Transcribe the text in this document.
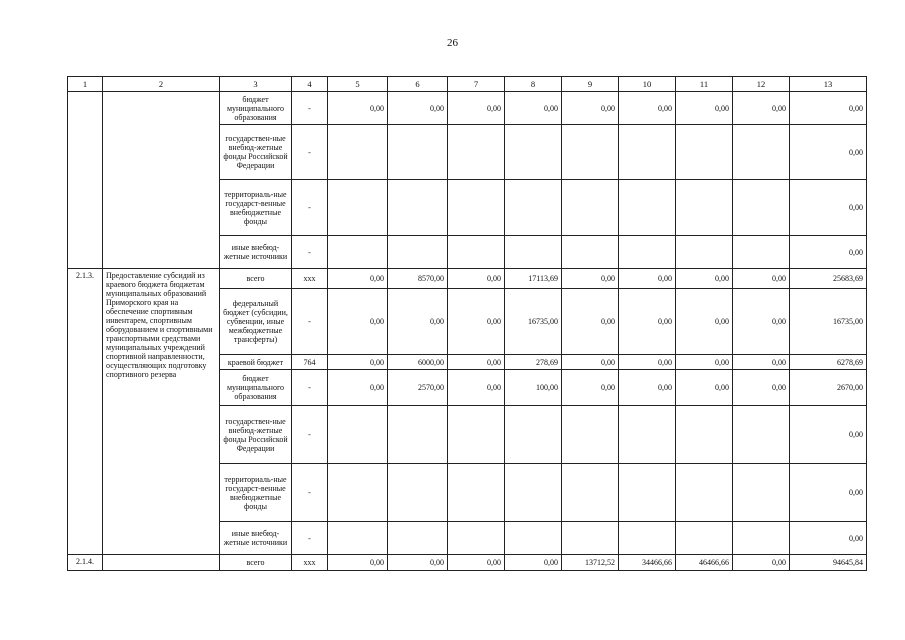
26
1	2	3	4	5	6	7	8	9	10	11	12	13
		бюджет муниципального образования	-	0,00	0,00	0,00	0,00	0,00	0,00	0,00	0,00	0,00
		государствен-ные внебюд-жетные фонды Российской Федерации	-									0,00
		территориаль-ные государст-венные внебюджетные фонды	-									0,00
		иные внебюд-жетные источники	-									0,00
2.1.3.	Предоставление субсидий из краевого бюджета бюджетам муниципальных образований Приморского края на обеспечение спортивным инвентарем, спортивным оборудованием и спортивными транспортными средствами муниципальных учреждений спортивной направленности, осуществляющих подготовку спортивного резерва	всего	xxx	0,00	8570,00	0,00	17113,69	0,00	0,00	0,00	0,00	25683,69
		федеральный бюджет (субсидии, субвенции, иные межбюджетные трансферты)	-	0,00	0,00	0,00	16735,00	0,00	0,00	0,00	0,00	16735,00
		краевой бюджет	764	0,00	6000,00	0,00	278,69	0,00	0,00	0,00	0,00	6278,69
		бюджет муниципального образования	-	0,00	2570,00	0,00	100,00	0,00	0,00	0,00	0,00	2670,00
		государствен-ные внебюд-жетные фонды Российской Федерации	-									0,00
		территориаль-ные государст-венные внебюджетные фонды	-									0,00
		иные внебюд-жетные источники	-									0,00
2.1.4.		всего	xxx	0,00	0,00	0,00	0,00	13712,52	34466,66	46466,66	0,00	94645,84
